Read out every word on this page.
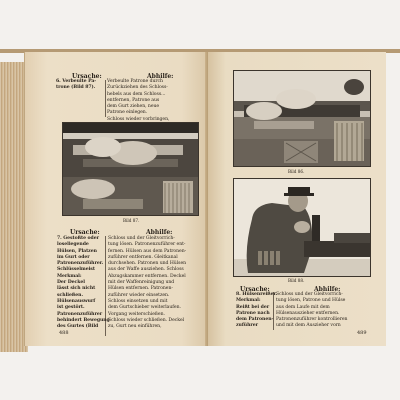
Ursache:	Abhilfe:
6. Verbeulte Pa-
trone (Bild 87).
Verbeulte Patrone durch
Zurückziehen des Schloss-
hebels aus dem Schloss...
entfernen, Patrone aus
dem Gurt ziehen, neue
Patrone einlegen.
Schloss wieder vorbringen,
Bild 87.
Ursache:	Abhilfe:
7. Gestoßte oder
loseliegende
Hülsen, Platzen
im Gurt oder
Patronenzuführer.
Schlüsselmeist
Merkmal:
Der Deckel
lässt sich nicht
schließen.
Hülsenauswurf
ist gestört.
Patronenzuführer
behindert Bewegung
des Gurtes (Bild
Schloss und der Gleitvorrich-
tung lösen. Patronenzuführer ent-
fernen. Hülsen aus dem Patronen-
zuführer entfernen. Gleitkanal
durchsehen. Patronen und Hülsen
aus der Waffe ausziehen. Schloss
Abzugskammer entfernen. Deckel
mit der Waffenreinigung und
Hülsen entfernen. Patronen-
zuführer wieder einsetzen.
Schloss einsetzen und mit
dem Gurtschieber weiterlaufen.
Vorgang weiterschießen.
Schloss wieder schließen. Deckel
zu, Gurt neu einführen,
488
Bild 86.
Bild 88.
Ursache:	Abhilfe:
8. Hülsenreißer.
Merkmal:
Reißt bei der
Patrone nach
dem Patronen-
zuführer
Schloss und der Gleitvorrich-
tung lösen, Patrone und Hülse
aus dem Laufe mit dem
Hülsenauszieher entfernen.
Patronenzuführer kontrollieren
und mit dem Auszieher vorn
489
